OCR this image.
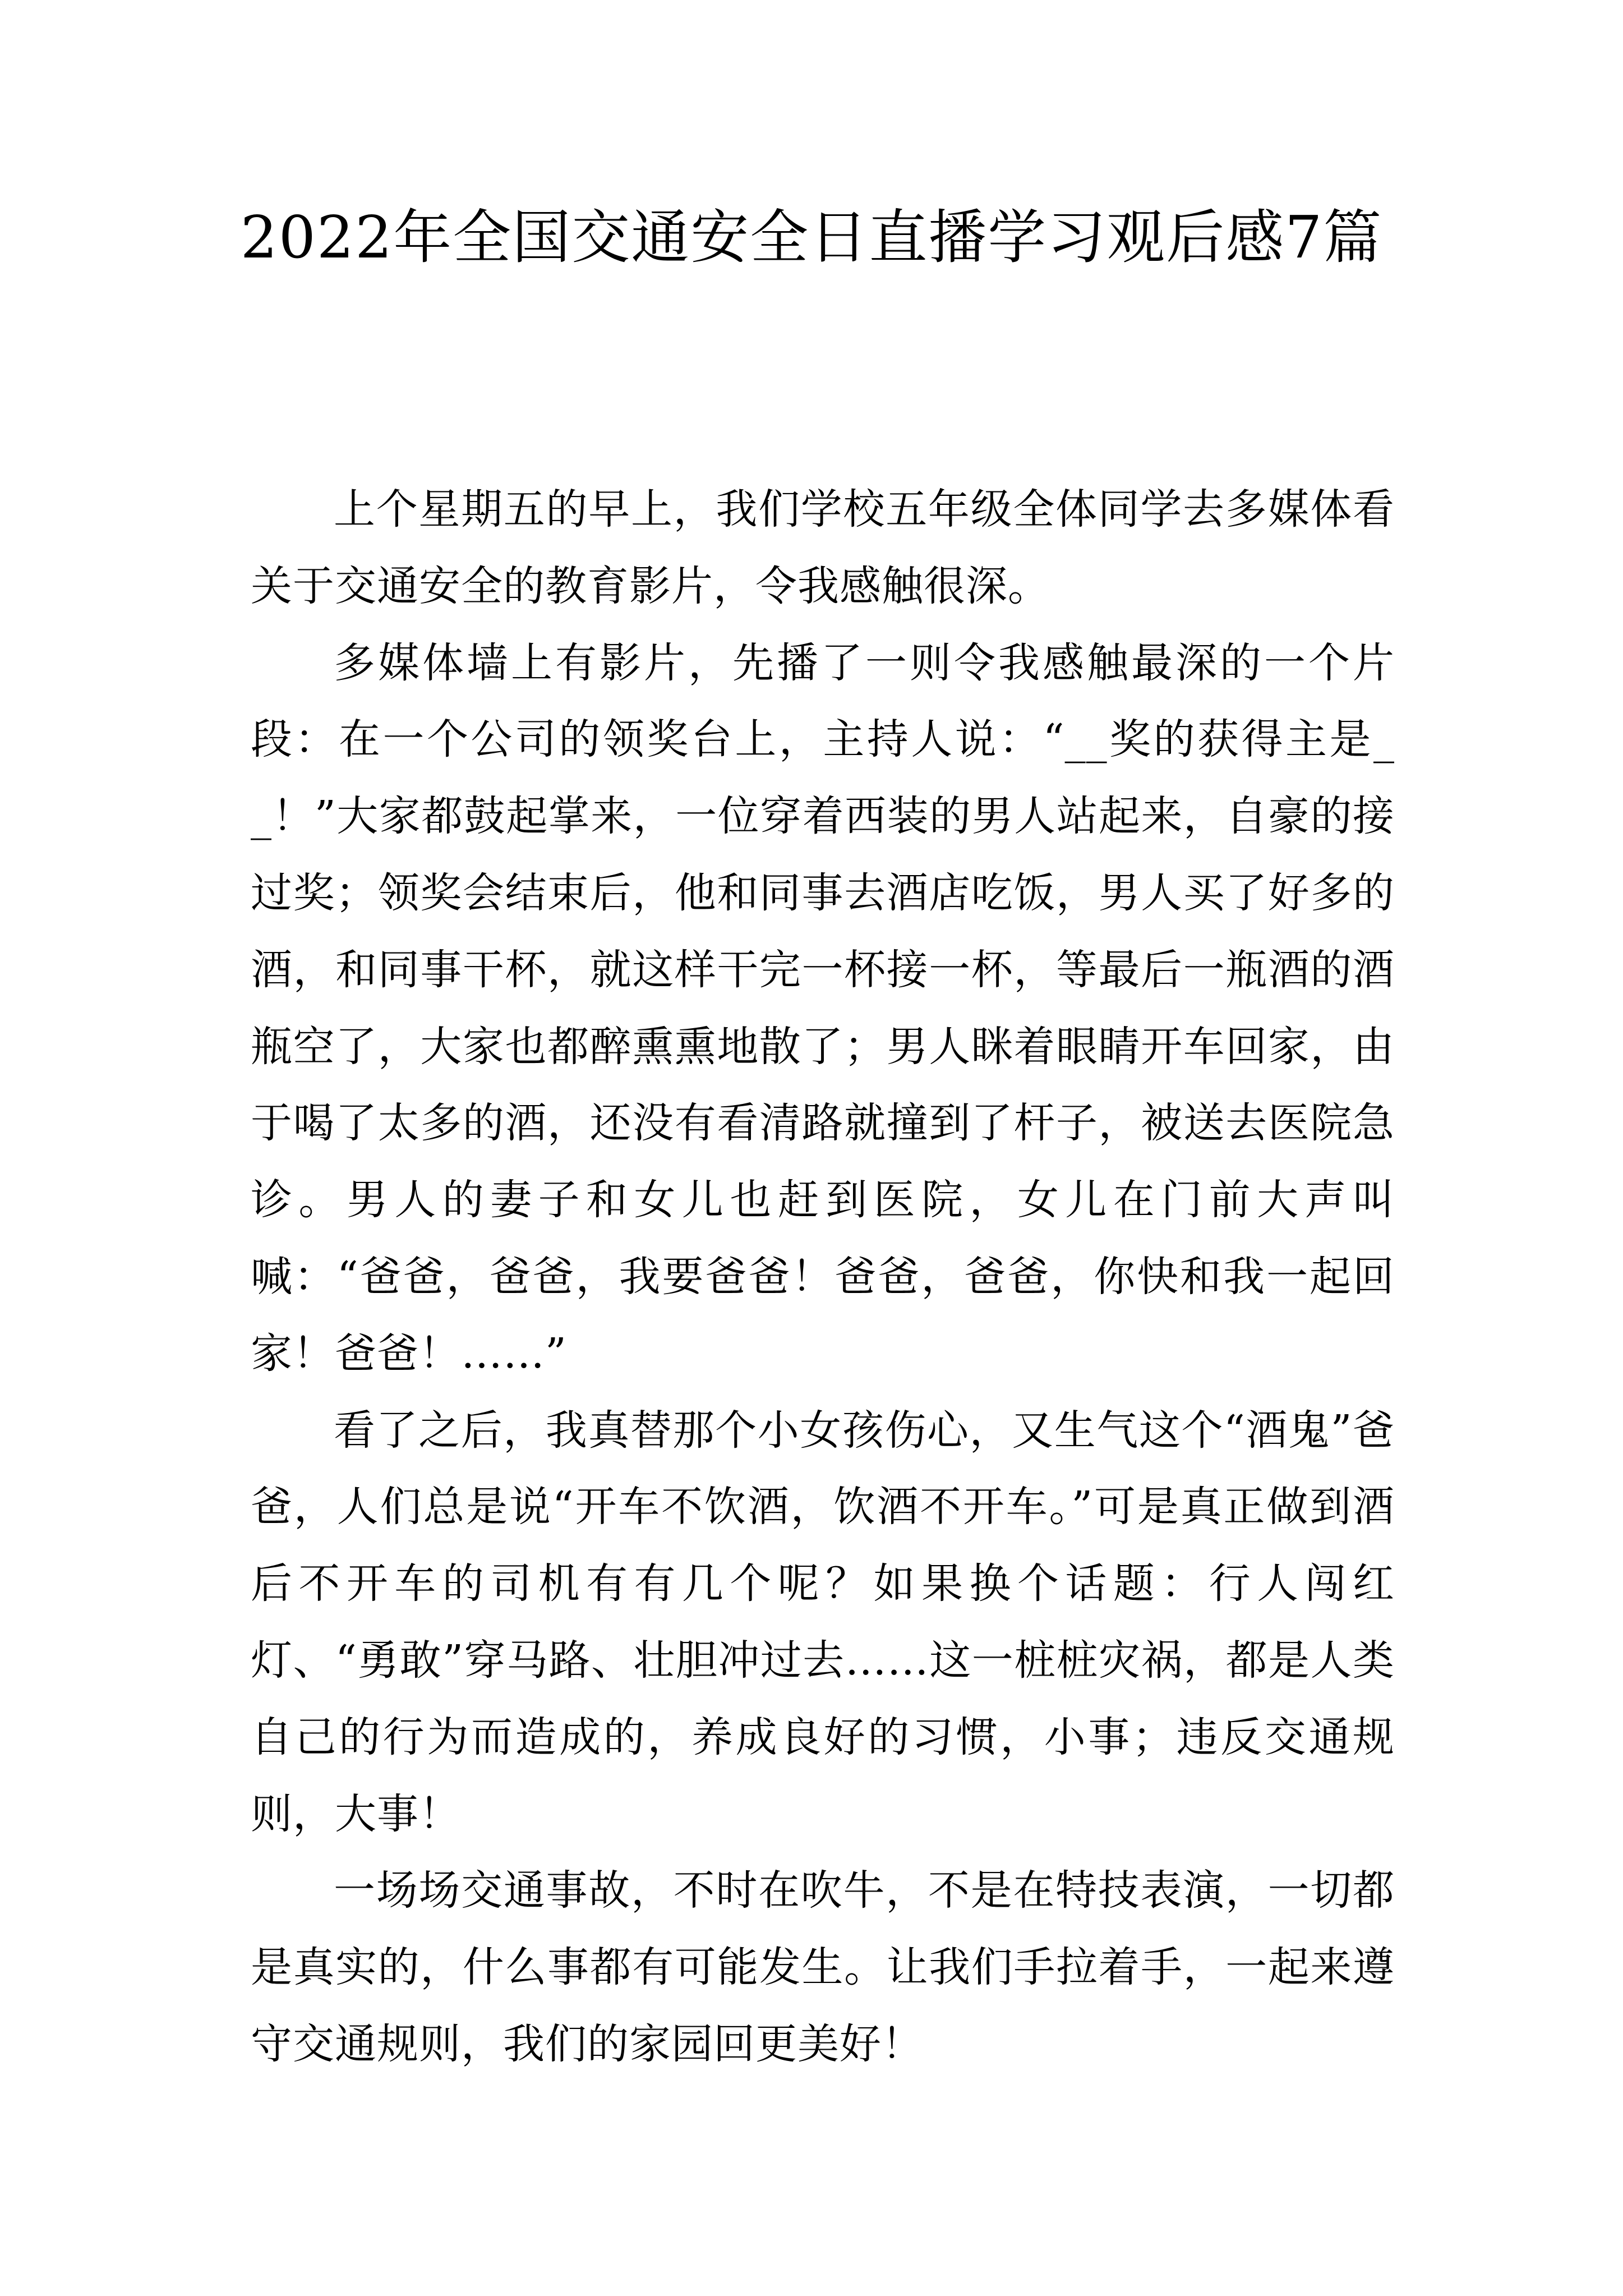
2022年全国交通安全日直播学习观后感7篇

上个星期五的早上，我们学校五年级全体同学去多媒体看关于交通安全的教育影片，令我感触很深。

多媒体墙上有影片，先播了一则令我感触最深的一个片段：在一个公司的领奖台上，主持人说：“__奖的获得主是__！”大家都鼓起掌来，一位穿着西装的男人站起来，自豪的接过奖；领奖会结束后，他和同事去酒店吃饭，男人买了好多的酒，和同事干杯，就这样干完一杯接一杯，等最后一瓶酒的酒瓶空了，大家也都醉熏熏地散了；男人眯着眼睛开车回家，由于喝了太多的酒，还没有看清路就撞到了杆子，被送去医院急诊。男人的妻子和女儿也赶到医院，女儿在门前大声叫喊：“爸爸，爸爸，我要爸爸！爸爸，爸爸，你快和我一起回家！爸爸！……”

看了之后，我真替那个小女孩伤心，又生气这个“酒鬼”爸爸，人们总是说“开车不饮酒，饮酒不开车。”可是真正做到酒后不开车的司机有有几个呢？如果换个话题：行人闯红灯、“勇敢”穿马路、壮胆冲过去……这一桩桩灾祸，都是人类自己的行为而造成的，养成良好的习惯，小事；违反交通规则，大事！

一场场交通事故，不时在吹牛，不是在特技表演，一切都是真实的，什么事都有可能发生。让我们手拉着手，一起来遵守交通规则，我们的家园回更美好！
